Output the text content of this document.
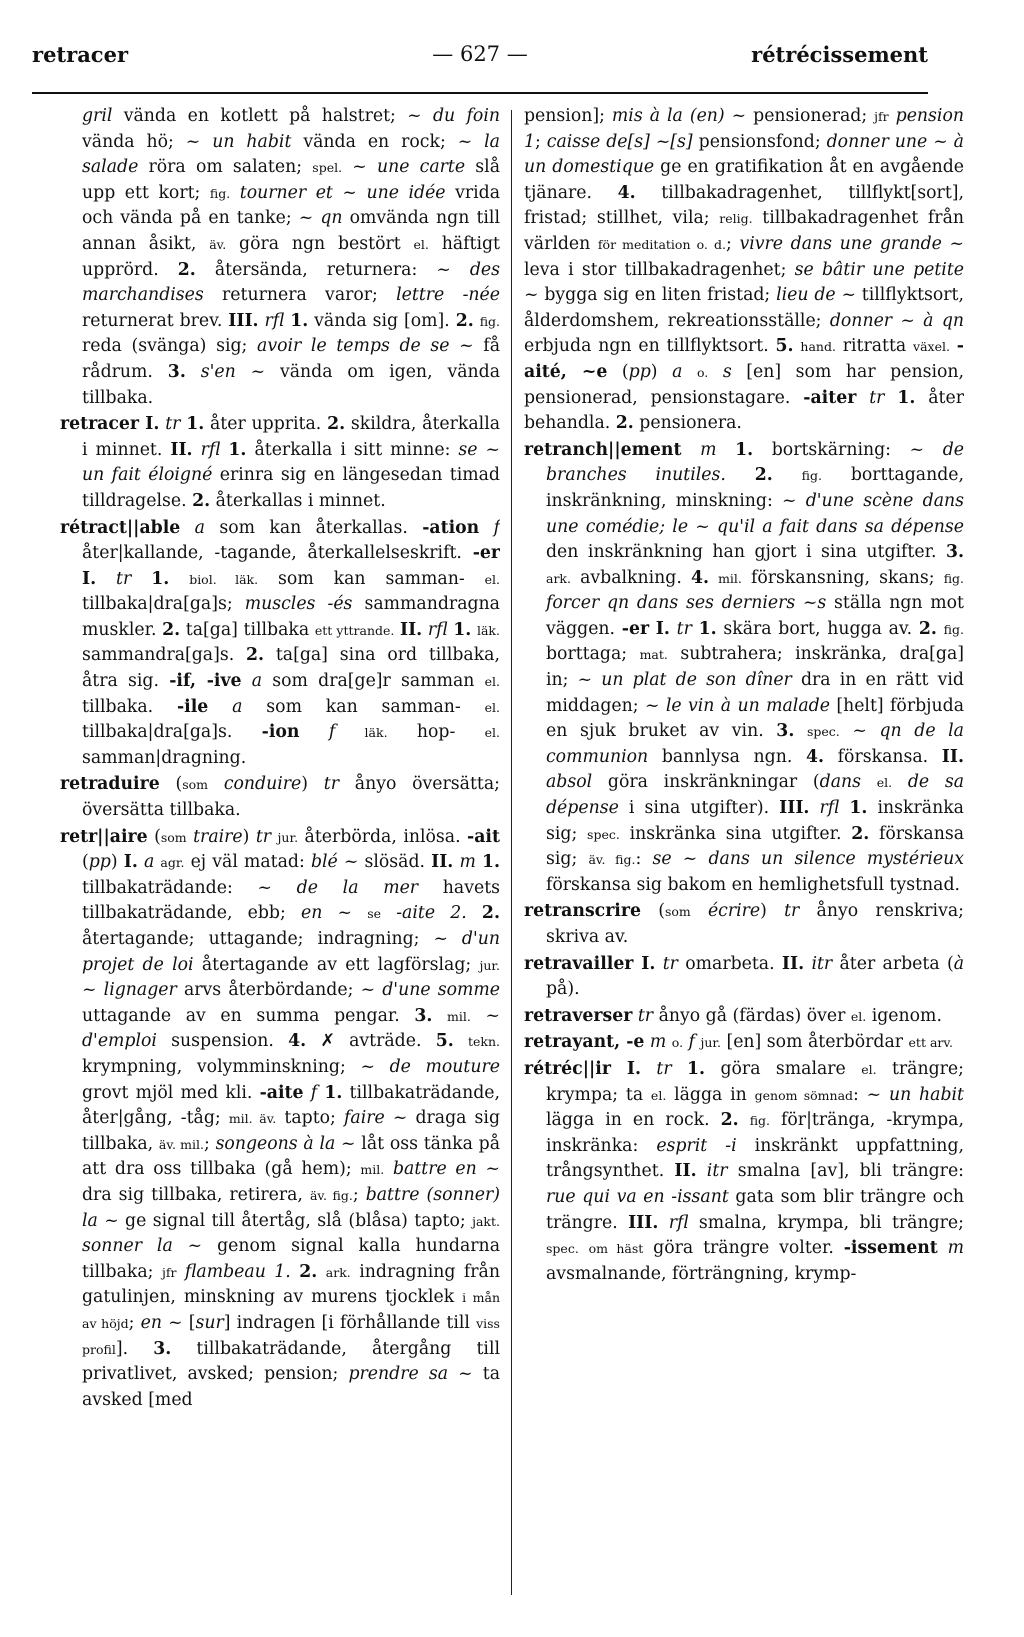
retracer	— 627 —	rétrécissement

gril vända en kotlett på halstret; ~ du foin vända hö; ~ un habit vända en rock; ~ la salade röra om salaten; spel. ~ une carte slå upp ett kort; fig. tourner et ~ une idée vrida och vända på en tanke; ~ qn omvända ngn till annan åsikt, äv. göra ngn bestört el. häftigt upprörd. 2. återsända, returnera: ~ des marchandises returnera varor; lettre -née returnerat brev. III. rfl 1. vända sig [om]. 2. fig. reda (svänga) sig; avoir le temps de se ~ få rådrum. 3. s'en ~ vända om igen, vända tillbaka.

retracer I. tr 1. åter uppritа. 2. skildra, återkalla i minnet. II. rfl 1. återkalla i sitt minne: se ~ un fait éloigné erinra sig en längesedan timad tilldragelse. 2. återkallas i minnet.

rétract||able a som kan återkallas. -ation f åter|kallande, -tagande, återkallelseskrift. -er I. tr 1. biol. läk. som kan samman- el. tillbaka|dra[ga]s; muscles -és sammandragna muskler. 2. ta[ga] tillbaka ett yttrande. II. rfl 1. läk. sammandra[ga]s. 2. ta[ga] sina ord tillbaka, åtra sig. -if, -ive a som dra[ge]r samman el. tillbaka. -ile a som kan samman- el. tillbaka|dra[ga]s. -ion f läk. hop- el. samman|dragning.

retraduire (som conduire) tr ånyo översätta; översätta tillbaka.

retr||aire (som traire) tr jur. återbörda, inlösa. -ait (pp) I. a agr. ej väl matad: blé ~ slösäd. II. m 1. tillbakaträdande: ~ de la mer havets tillbakaträdande, ebb; en ~ se -aite 2. 2. återtagande; uttagande; indragning; ~ d'un projet de loi återtagande av ett lagförslag; jur. ~ lignager arvs återbördande; ~ d'une somme uttagande av en summa pengar. 3. mil. ~ d'emploi suspension. 4. ✗ avträde. 5. tekn. krympning, volymminskning; ~ de mouture grovt mjöl med kli. -aite f 1. tillbakaträdande, åter|gång, -tåg; mil. äv. tapto; faire ~ draga sig tillbaka, äv. mil.; songeons à la ~ låt oss tänka på att dra oss tillbaka (gå hem); mil. battre en ~ dra sig tillbaka, retirera, äv. fig.; battre (sonner) la ~ ge signal till återtåg, slå (blåsa) tapto; jakt. sonner la ~ genom signal kalla hundarna tillbaka; jfr flambeau 1. 2. ark. indragning från gatulinjen, minskning av murens tjocklek i mån av höjd; en ~ [sur] indragen [i förhållande till viss profil]. 3. tillbakaträdande, återgång till privatlivet, avsked; pension; prendre sa ~ ta avsked [med

pension]; mis à la (en) ~ pensionerad; jfr pension 1; caisse de[s] ~[s] pensionsfond; donner une ~ à un domestique ge en gratifikation åt en avgående tjänare. 4. tillbakadragenhet, tillflykt[sort], fristad; stillhet, vila; relig. tillbakadragenhet från världen för meditation o. d.; vivre dans une grande ~ leva i stor tillbakadragenhet; se bâtir une petite ~ bygga sig en liten fristad; lieu de ~ tillflyktsort, ålderdomshem, rekreationsställe; donner ~ à qn erbjuda ngn en tillflyktsort. 5. hand. ritratta växel. -aité, ~e (pp) a o. s [en] som har pension, pensionerad, pensionstagare. -aiter tr 1. åter behandla. 2. pensionera.

retranch||ement m 1. bortskärning: ~ de branches inutiles. 2. fig. borttagande, inskränkning, minskning: ~ d'une scène dans une comédie; le ~ qu'il a fait dans sa dépense den inskränkning han gjort i sina utgifter. 3. ark. avbalkning. 4. mil. förskansning, skans; fig. forcer qn dans ses derniers ~s ställa ngn mot väggen. -er I. tr 1. skära bort, hugga av. 2. fig. borttaga; mat. subtrahera; inskränka, dra[ga] in; ~ un plat de son dîner dra in en rätt vid middagen; ~ le vin à un malade [helt] förbjuda en sjuk bruket av vin. 3. spec. ~ qn de la communion bannlysa ngn. 4. förskansa. II. absol göra inskränkningar (dans el. de sa dépense i sina utgifter). III. rfl 1. inskränka sig; spec. inskränka sina utgifter. 2. förskansa sig; äv. fig.: se ~ dans un silence mystérieux förskansa sig bakom en hemlighetsfull tystnad.

retranscrire (som écrire) tr ånyo renskriva; skriva av.

retravailler I. tr omarbeta. II. itr åter arbeta (à på).

retraverser tr ånyo gå (färdas) över el. igenom.

retrayant, -e m o. f jur. [en] som återbördar ett arv.

rétréc||ir I. tr 1. göra smalare el. trängre; krympa; ta el. lägga in genom sömnad: ~ un habit lägga in en rock. 2. fig. för|tränga, -krympa, inskränka: esprit -i inskränkt uppfattning, trångsynthet. II. itr smalna [av], bli trängre: rue qui va en -issant gata som blir trängre och trängre. III. rfl smalna, krympa, bli trängre; spec. om häst göra trängre volter. -issement m avsmalnande, förträngning, krymp-
